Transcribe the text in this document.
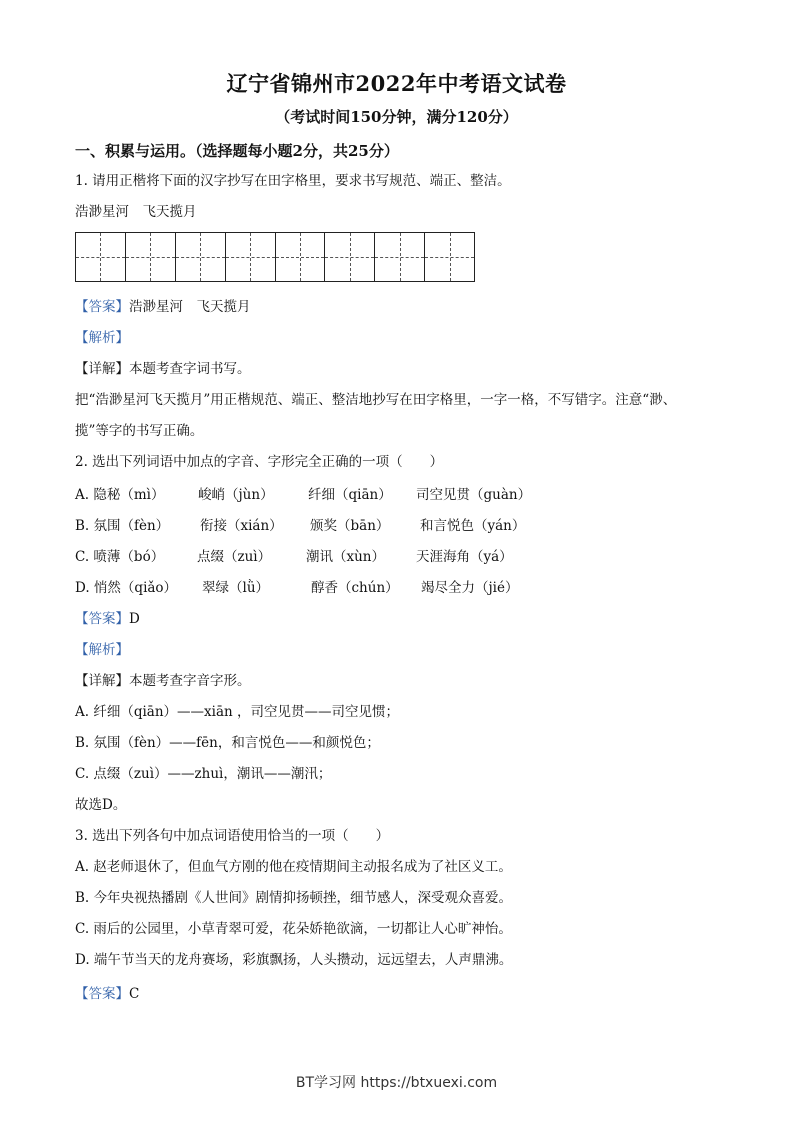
辽宁省锦州市2022年中考语文试卷
（考试时间150分钟，满分120分）
一、积累与运用。（选择题每小题2分，共25分）
1. 请用正楷将下面的汉字抄写在田字格里，要求书写规范、端正、整洁。
浩渺星河　飞天揽月
【答案】浩渺星河　飞天揽月
【解析】
【详解】本题考查字词书写。
把“浩渺星河飞天揽月”用正楷规范、端正、整洁地抄写在田字格里，一字一格，不写错字。注意“渺、
揽”等字的书写正确。
2. 选出下列词语中加点的字音、字形完全正确的一项（　　）
A. 隐秘（mì） 峻峭（jùn）	纤细（qiān） 司空见贯（guàn）
B. 氛围（fèn） 衔接（xián） 颁奖（bān） 和言悦色（yán）
C. 喷薄（bó） 点缀（zuì）	潮讯（xùn） 天涯海角（yá）
D. 悄然（qiǎo） 翠绿（lǜ）	醇香（chún） 竭尽全力（jié）
【答案】D
【解析】
【详解】本题考查字音字形。
A. 纤细（qiān）——xiān ，司空见贯——司空见惯；
B. 氛围（fèn）——fēn，和言悦色——和颜悦色；
C. 点缀（zuì）——zhuì，潮讯——潮汛；
故选D。
3. 选出下列各句中加点词语使用恰当的一项（　　）
A. 赵老师退休了，但血气方刚的他在疫情期间主动报名成为了社区义工。
B. 今年央视热播剧《人世间》剧情抑扬顿挫，细节感人，深受观众喜爱。
C. 雨后的公园里，小草青翠可爱，花朵娇艳欲滴，一切都让人心旷神怡。
D. 端午节当天的龙舟赛场，彩旗飘扬，人头攒动，远远望去，人声鼎沸。
【答案】C
BT学习网 https://btxuexi.com
